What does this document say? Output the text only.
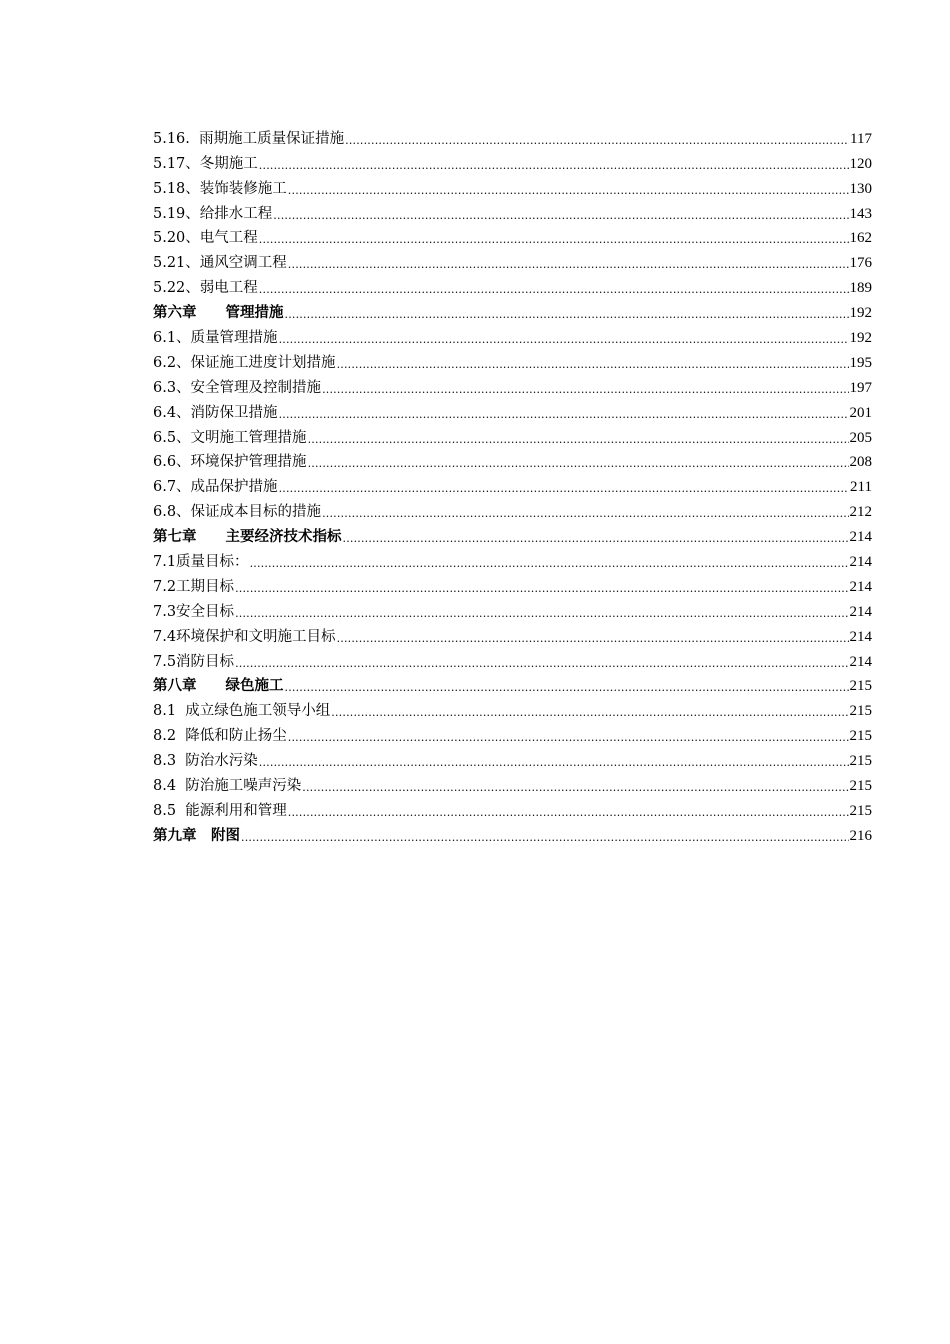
5.16.  雨期施工质量保证措施 .....	117
5.17、冬期施工 .....	120
5.18、装饰装修施工 .....	130
5.19、给排水工程 .....	143
5.20、电气工程 .....	162
5.21、通风空调工程 .....	176
5.22、弱电工程 .....	189
第六章　　管理措施 .....	192
6.1、质量管理措施 .....	192
6.2、保证施工进度计划措施 .....	195
6.3、安全管理及控制措施 .....	197
6.4、消防保卫措施 .....	201
6.5、文明施工管理措施 .....	205
6.6、环境保护管理措施 .....	208
6.7、成品保护措施 .....	211
6.8、保证成本目标的措施 .....	212
第七章　　主要经济技术指标 .....	214
7.1质量目标： .....	214
7.2工期目标 .....	214
7.3安全目标 .....	214
7.4环境保护和文明施工目标 .....	214
7.5消防目标 .....	214
第八章　　绿色施工 .....	215
8.1  成立绿色施工领导小组 .....	215
8.2  降低和防止扬尘 .....	215
8.3  防治水污染 .....	215
8.4  防治施工噪声污染 .....	215
8.5  能源利用和管理 .....	215
第九章　附图 .....	216
